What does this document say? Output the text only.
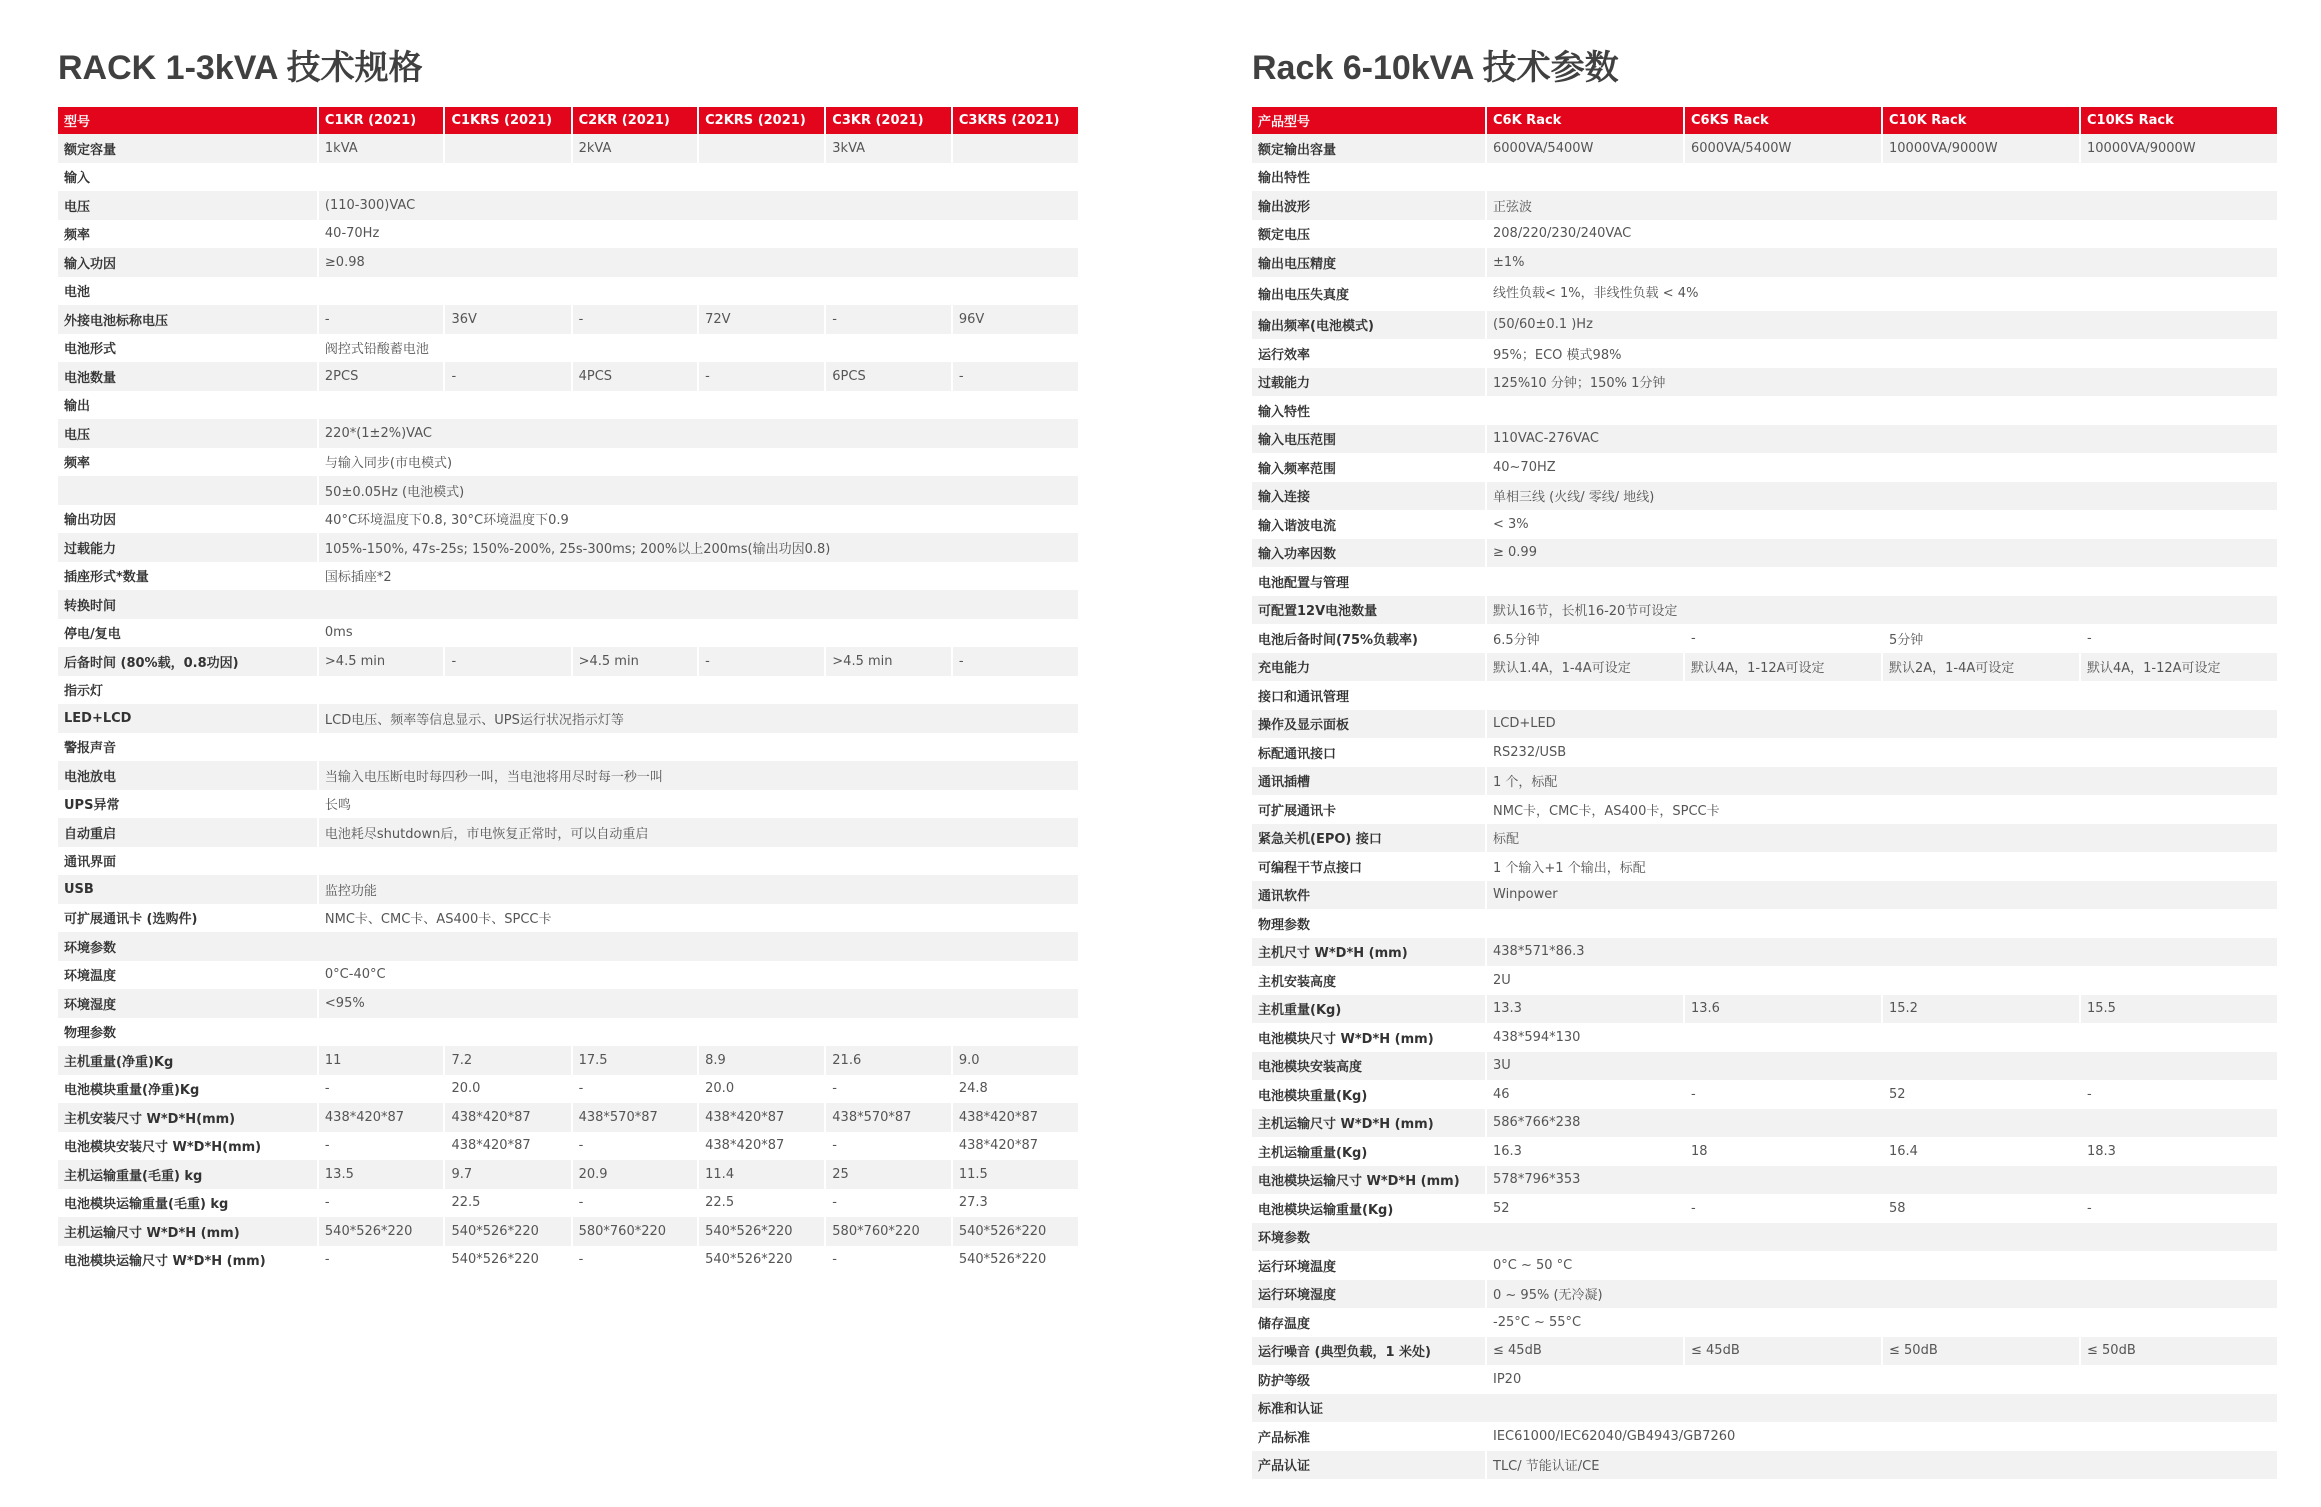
RACK 1-3kVA 技术规格
型号	C1KR (2021)	C1KRS (2021)	C2KR (2021)	C2KRS (2021)	C3KR (2021)	C3KRS (2021)
额定容量	1kVA		2kVA		3kVA	
输入						
电压	(110-300)VAC					
频率	40-70Hz					
输入功因	≥0.98					
电池						
外接电池标称电压	-	36V	-	72V	-	96V
电池形式	阀控式铅酸蓄电池					
电池数量	2PCS	-	4PCS	-	6PCS	-
输出						
电压	220*(1±2%)VAC					
频率	与输入同步(市电模式)					
	50±0.05Hz (电池模式)					
输出功因	40°C环境温度下0.8, 30°C环境温度下0.9					
过载能力	105%-150%, 47s-25s; 150%-200%, 25s-300ms; 200%以上200ms(输出功因0.8)					
插座形式*数量	国标插座*2					
转换时间						
停电/复电	0ms					
后备时间 (80%载，0.8功因)	>4.5 min	-	>4.5 min	-	>4.5 min	-
指示灯						
LED+LCD	LCD电压、频率等信息显示、UPS运行状况指示灯等					
警报声音						
电池放电	当输入电压断电时每四秒一叫，当电池将用尽时每一秒一叫					
UPS异常	长鸣					
自动重启	电池耗尽shutdown后，市电恢复正常时，可以自动重启					
通讯界面						
USB	监控功能					
可扩展通讯卡 (选购件)	NMC卡、CMC卡、AS400卡、SPCC卡					
环境参数						
环境温度	0°C-40°C					
环境湿度	<95%					
物理参数						
主机重量(净重)Kg	11	7.2	17.5	8.9	21.6	9.0
电池模块重量(净重)Kg	-	20.0	-	20.0	-	24.8
主机安装尺寸 W*D*H(mm)	438*420*87	438*420*87	438*570*87	438*420*87	438*570*87	438*420*87
电池模块安装尺寸 W*D*H(mm)	-	438*420*87	-	438*420*87	-	438*420*87
主机运输重量(毛重) kg	13.5	9.7	20.9	11.4	25	11.5
电池模块运输重量(毛重) kg	-	22.5	-	22.5	-	27.3
主机运输尺寸 W*D*H (mm)	540*526*220	540*526*220	580*760*220	540*526*220	580*760*220	540*526*220
电池模块运输尺寸 W*D*H (mm)	-	540*526*220	-	540*526*220	-	540*526*220
Rack 6-10kVA 技术参数
产品型号	C6K Rack	C6KS Rack	C10K Rack	C10KS Rack
额定输出容量	6000VA/5400W	6000VA/5400W	10000VA/9000W	10000VA/9000W
输出特性				
输出波形	正弦波			
额定电压	208/220/230/240VAC			
输出电压精度	±1%			
输出电压失真度	线性负载< 1%，非线性负载 < 4%			
输出频率(电池模式)	(50/60±0.1 )Hz			
运行效率	95%；ECO 模式98%			
过载能力	125%10 分钟；150% 1分钟			
输入特性				
输入电压范围	110VAC-276VAC			
输入频率范围	40~70HZ			
输入连接	单相三线 (火线/ 零线/ 地线)			
输入谐波电流	< 3%			
输入功率因数	≥ 0.99			
电池配置与管理				
可配置12V电池数量	默认16节，长机16-20节可设定			
电池后备时间(75%负载率)	6.5分钟	-	5分钟	-
充电能力	默认1.4A，1-4A可设定	默认4A，1-12A可设定	默认2A，1-4A可设定	默认4A，1-12A可设定
接口和通讯管理				
操作及显示面板	LCD+LED			
标配通讯接口	RS232/USB			
通讯插槽	1 个，标配			
可扩展通讯卡	NMC卡，CMC卡，AS400卡，SPCC卡			
紧急关机(EPO) 接口	标配			
可编程干节点接口	1 个输入+1 个输出，标配			
通讯软件	Winpower			
物理参数				
主机尺寸 W*D*H (mm)	438*571*86.3			
主机安装高度	2U			
主机重量(Kg)	13.3	13.6	15.2	15.5
电池模块尺寸 W*D*H (mm)	438*594*130			
电池模块安装高度	3U			
电池模块重量(Kg)	46	-	52	-
主机运输尺寸 W*D*H (mm)	586*766*238			
主机运输重量(Kg)	16.3	18	16.4	18.3
电池模块运输尺寸 W*D*H (mm)	578*796*353			
电池模块运输重量(Kg)	52	-	58	-
环境参数				
运行环境温度	0°C ~ 50 °C			
运行环境湿度	0 ~ 95% (无冷凝)			
储存温度	-25°C ~ 55°C			
运行噪音 (典型负载，1 米处)	≤ 45dB	≤ 45dB	≤ 50dB	≤ 50dB
防护等级	IP20			
标准和认证				
产品标准	IEC61000/IEC62040/GB4943/GB7260			
产品认证	TLC/ 节能认证/CE			
